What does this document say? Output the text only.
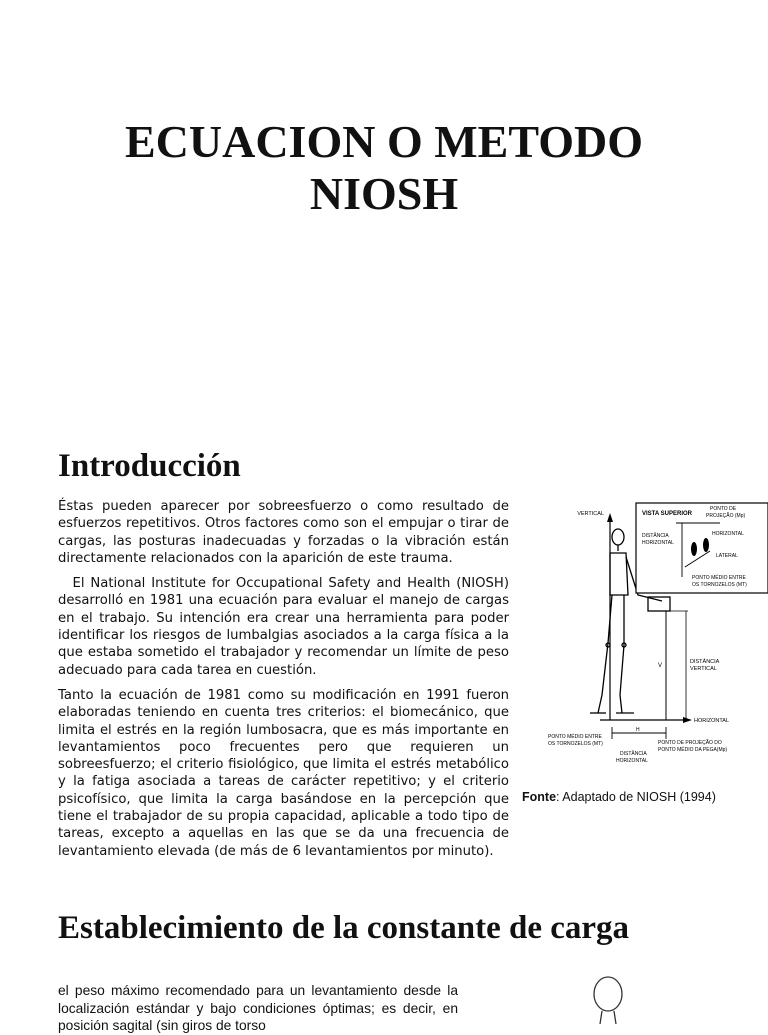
ECUACION O METODO
NIOSH
Introducción

Éstas pueden aparecer por sobreesfuerzo o como resultado de esfuerzos repetitivos. Otros factores como son el empujar o tirar de cargas, las posturas inadecuadas y forzadas o la vibración están directamente relacionados con la aparición de este trauma.

El National Institute for Occupational Safety and Health (NIOSH) desarrolló en 1981 una ecuación para evaluar el manejo de cargas en el trabajo. Su intención era crear una herramienta para poder identificar los riesgos de lumbalgias asociados a la carga física a la que estaba sometido el trabajador y recomendar un límite de peso adecuado para cada tarea en cuestión.

Tanto la ecuación de 1981 como su modificación en 1991 fueron elaboradas teniendo en cuenta tres criterios: el biomecánico, que limita el estrés en la región lumbosacra, que es más importante en levantamientos poco frecuentes pero que requieren un sobreesfuerzo; el criterio fisiológico, que limita el estrés metabólico y la fatiga asociada a tareas de carácter repetitivo; y el criterio psicofísico, que limita la carga basándose en la percepción que tiene el trabajador de su propia capacidad, aplicable a todo tipo de tareas, excepto a aquellas en las que se da una frecuencia de levantamiento elevada (de más de 6 levantamientos por minuto).

VERTICAL
V
DISTÂNCIA
VERTICAL
HORIZONTAL
H
PONTO MÉDIO ENTRE
OS TORNOZELOS (MT)	PONTO DE PROJEÇÃO DO
PONTO MÉDIO DA PEGA(Mp)
DISTÂNCIA
HORIZONTAL
VISTA SUPERIOR
PONTO DE
PROJEÇÃO (Mp)
HORIZONTAL
DISTÂNCIA
HORIZONTAL
LATERAL
PONTO MÉDIO ENTRE
OS TORNOZELOS (MT)
Fonte: Adaptado de NIOSH (1994)
Establecimiento de la constante de carga

el peso máximo recomendado para un levantamiento desde la localización estándar y bajo condiciones óptimas; es decir, en posición sagital (sin giros de torso
